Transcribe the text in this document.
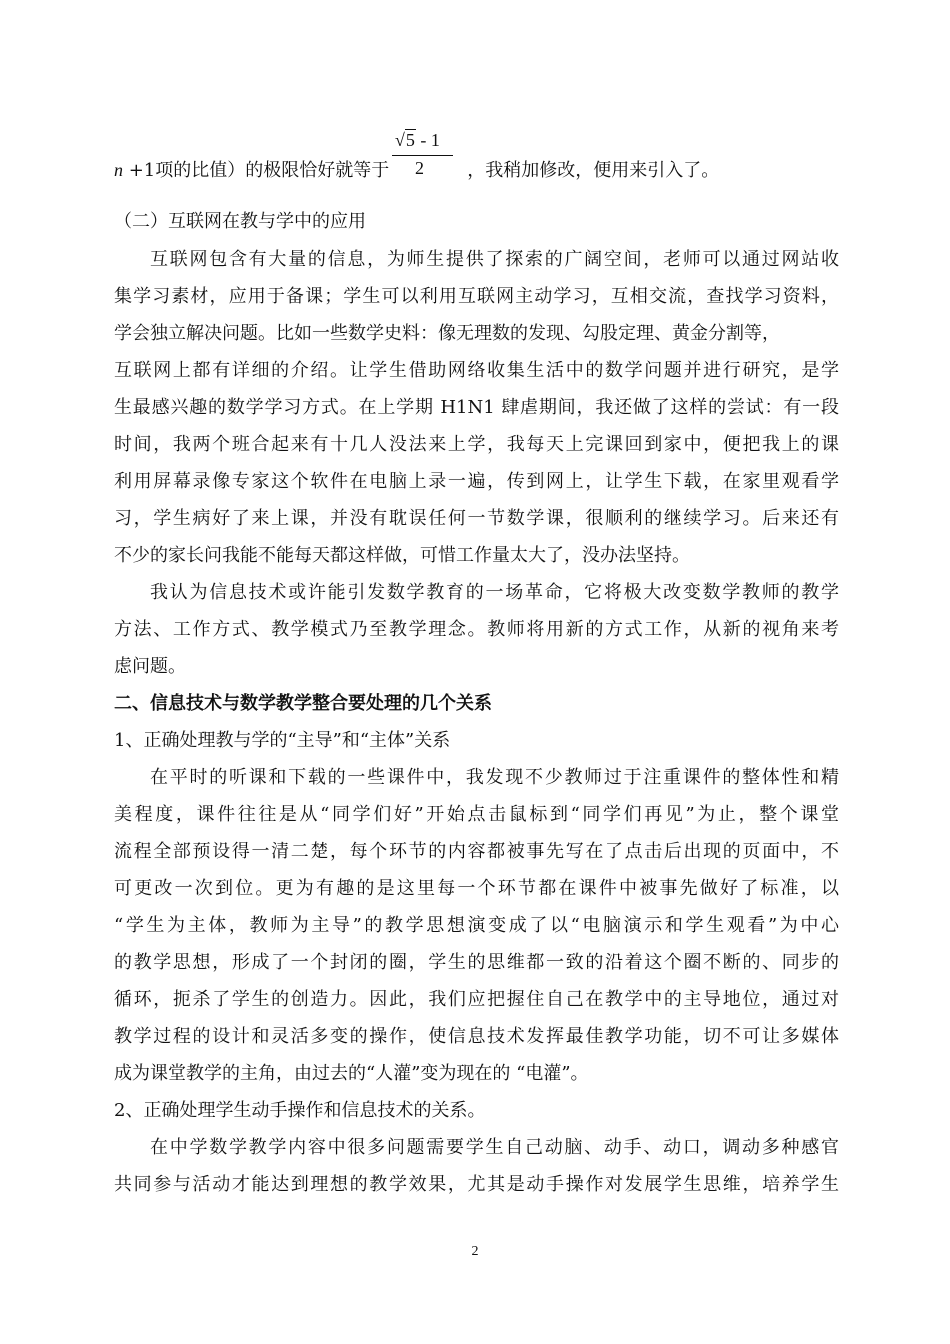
√5 - 1
2
n +1项的比值）的极限恰好就等于	，我稍加修改，便用来引入了。
（二）互联网在教与学中的应用
互联网包含有大量的信息，为师生提供了探索的广阔空间，老师可以通过网站收
集学习素材，应用于备课；学生可以利用互联网主动学习，互相交流，查找学习资料，
学会独立解决问题。比如一些数学史料：像无理数的发现、勾股定理、黄金分割等，
互联网上都有详细的介绍。让学生借助网络收集生活中的数学问题并进行研究，是学
生最感兴趣的数学学习方式。在上学期 H1N1 肆虐期间，我还做了这样的尝试：有一段
时间，我两个班合起来有十几人没法来上学，我每天上完课回到家中，便把我上的课
利用屏幕录像专家这个软件在电脑上录一遍，传到网上，让学生下载，在家里观看学
习，学生病好了来上课，并没有耽误任何一节数学课，很顺利的继续学习。后来还有
不少的家长问我能不能每天都这样做，可惜工作量太大了，没办法坚持。
我认为信息技术或许能引发数学教育的一场革命，它将极大改变数学教师的教学
方法、工作方式、教学模式乃至教学理念。教师将用新的方式工作，从新的视角来考
虑问题。
二、信息技术与数学教学整合要处理的几个关系
1、正确处理教与学的“主导”和“主体”关系
在平时的听课和下载的一些课件中，我发现不少教师过于注重课件的整体性和精
美程度，课件往往是从“同学们好”开始点击鼠标到“同学们再见”为止，整个课堂
流程全部预设得一清二楚，每个环节的内容都被事先写在了点击后出现的页面中，不
可更改一次到位。更为有趣的是这里每一个环节都在课件中被事先做好了标准，以
“学生为主体，教师为主导”的教学思想演变成了以“电脑演示和学生观看”为中心
的教学思想，形成了一个封闭的圈，学生的思维都一致的沿着这个圈不断的、同步的
循环，扼杀了学生的创造力。因此，我们应把握住自己在教学中的主导地位，通过对
教学过程的设计和灵活多变的操作，使信息技术发挥最佳教学功能，切不可让多媒体
成为课堂教学的主角，由过去的“人灌”变为现在的 “电灌”。
2、正确处理学生动手操作和信息技术的关系。
在中学数学教学内容中很多问题需要学生自己动脑、动手、动口，调动多种感官
共同参与活动才能达到理想的教学效果，尤其是动手操作对发展学生思维，培养学生
2
